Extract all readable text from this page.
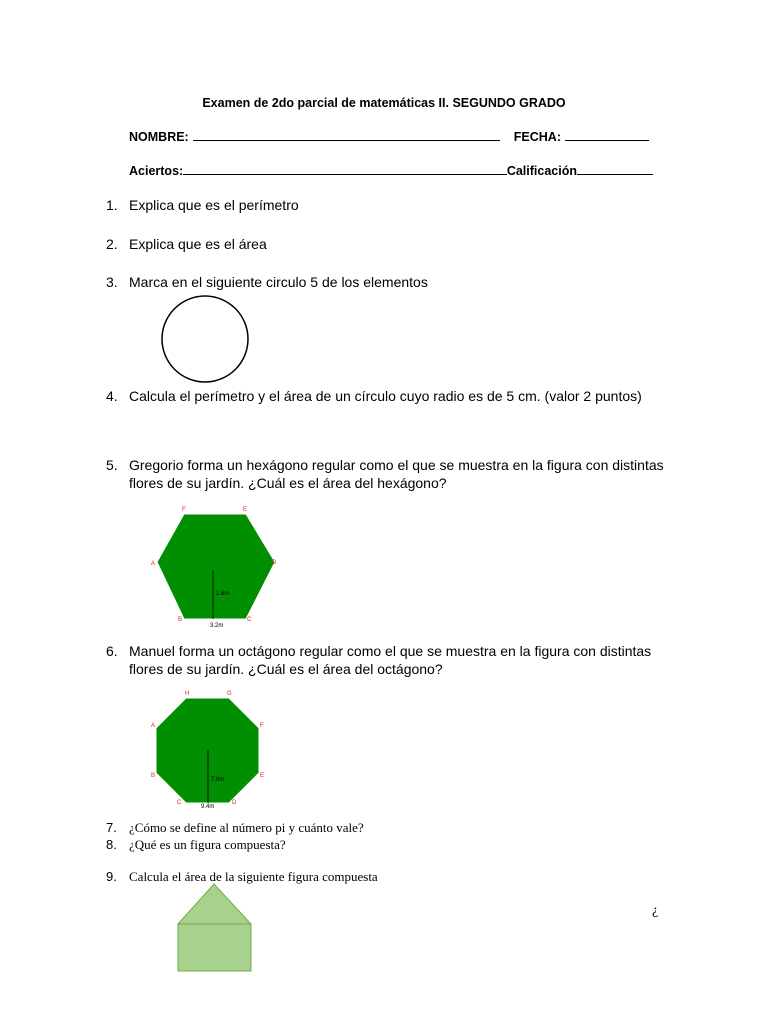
Examen de 2do parcial de matemáticas II. SEGUNDO GRADO
NOMBRE:	FECHA:
Aciertos:	Calificación
1. Explica que es el perímetro
2. Explica que es el área
3. Marca en el siguiente circulo 5 de los elementos
4. Calcula el perímetro y el área de un círculo cuyo radio es de 5 cm. (valor 2 puntos)
5. Gregorio forma un hexágono regular como el que se muestra en la figura con distintas flores de su jardín. ¿Cuál es el área del hexágono?
2.8m
3.2m
F	E
A	D
B	C
6. Manuel forma un octágono regular como el que se muestra en la figura con distintas flores de su jardín. ¿Cuál es el área del octágono?
7.8m
9.4m
H	G
A	F
B	E
C	D
7. ¿Cómo se define al número pi y cuánto vale?
8. ¿Qué es un figura compuesta?
9. Calcula el área de la siguiente figura compuesta
¿
